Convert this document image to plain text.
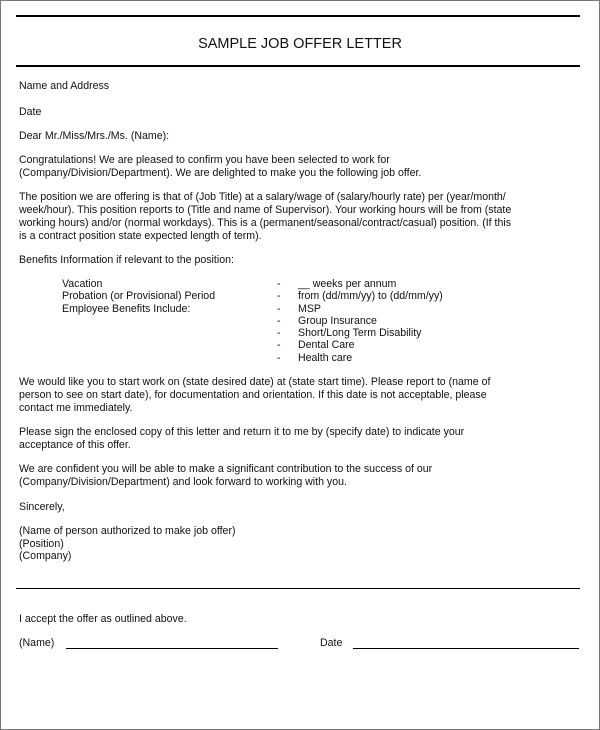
SAMPLE JOB OFFER LETTER
Name and Address
Date
Dear Mr./Miss/Mrs./Ms. (Name):
Congratulations! We are pleased to confirm you have been selected to work for
(Company/Division/Department). We are delighted to make you the following job offer.
The position we are offering is that of (Job Title) at a salary/wage of (salary/hourly rate) per (year/month/
week/hour). This position reports to (Title and name of Supervisor). Your working hours will be from (state
working hours) and/or (normal workdays). This is a (permanent/seasonal/contract/casual) position. (If this
is a contract position state expected length of term).
Benefits Information if relevant to the position:
Vacation
Probation (or Provisional) Period
Employee Benefits Include:
-
-
-
-
-
-
-
__ weeks per annum
from (dd/mm/yy) to (dd/mm/yy)
MSP
Group Insurance
Short/Long Term Disability
Dental Care
Health care
We would like you to start work on (state desired date) at (state start time). Please report to (name of
person to see on start date), for documentation and orientation. If this date is not acceptable, please
contact me immediately.
Please sign the enclosed copy of this letter and return it to me by (specify date) to indicate your
acceptance of this offer.
We are confident you will be able to make a significant contribution to the success of our
(Company/Division/Department) and look forward to working with you.
Sincerely,
(Name of person authorized to make job offer)
(Position)
(Company)
I accept the offer as outlined above.
(Name)	Date
